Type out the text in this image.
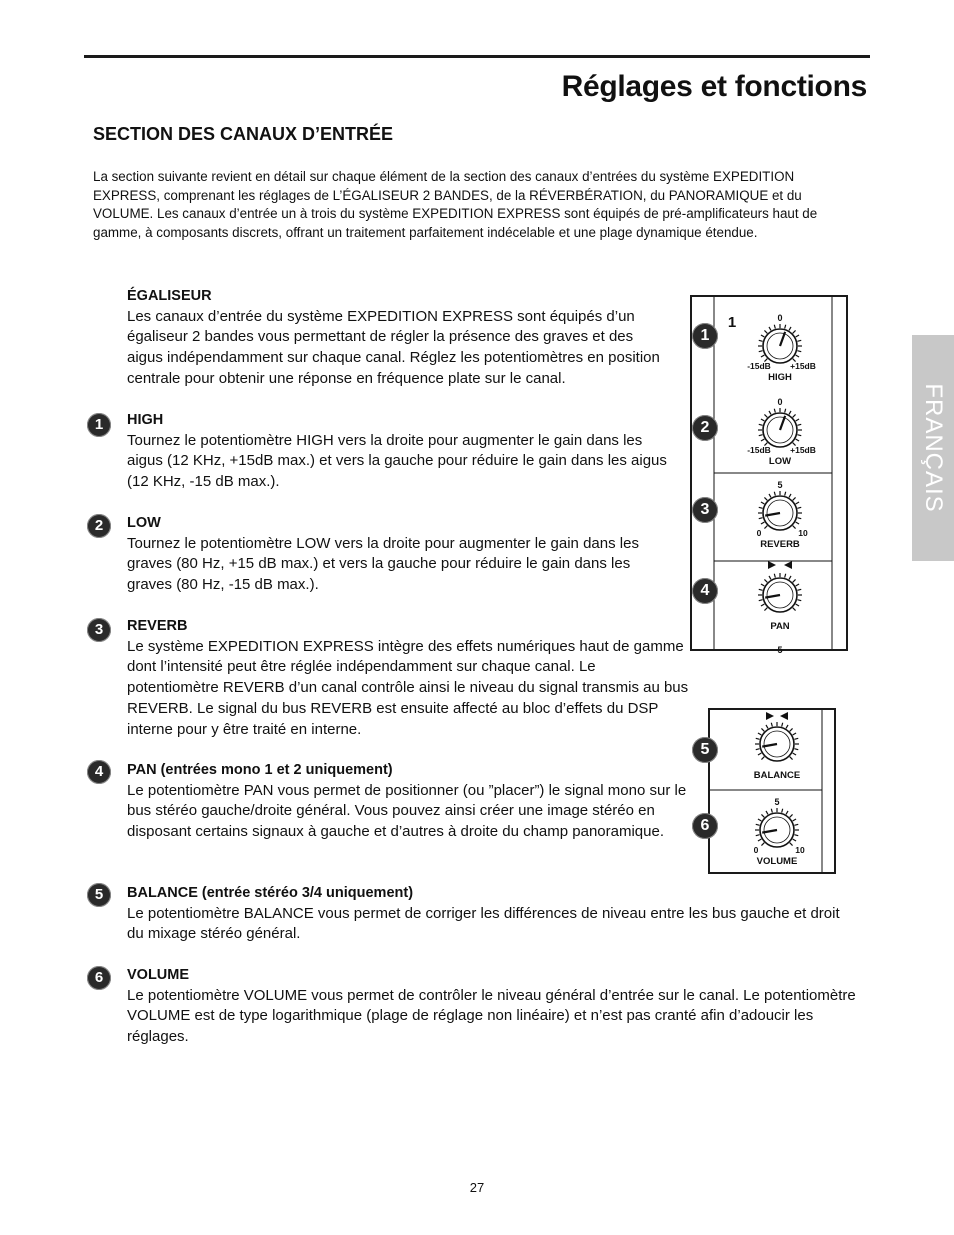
Réglages et fonctions
SECTION DES CANAUX D’ENTRÉE
La section suivante revient en détail sur chaque élément de la section des canaux d’entrées du système EXPEDITION EXPRESS, comprenant les réglages de L’ÉGALISEUR 2 BANDES, de la RÉVERBÉRATION, du PANORAMIQUE et du VOLUME. Les canaux d’entrée un à trois du système EXPEDITION EXPRESS sont équipés de pré-amplificateurs haut de gamme, à composants discrets, offrant un traitement parfaitement indécelable et une plage dynamique étendue.
FRANÇAIS
ÉGALISEUR
Les canaux d’entrée du système EXPEDITION EXPRESS sont équipés d’un égaliseur 2 bandes vous permettant de régler la présence des graves et des aigus indépendamment sur chaque canal. Réglez les potentiomètres en position centrale pour obtenir une réponse en fréquence plate sur le canal.
1	HIGH
Tournez le potentiomètre HIGH vers la droite pour augmenter le gain dans les aigus (12 KHz, +15dB max.) et vers la gauche pour réduire le gain dans les aigus (12 KHz, -15 dB max.).
2	LOW
Tournez le potentiomètre LOW vers la droite pour augmenter le gain dans les graves (80 Hz, +15 dB max.) et vers la gauche pour réduire le gain dans les graves (80 Hz, -15 dB max.).
3	REVERB
Le système EXPEDITION EXPRESS intègre des effets numériques haut de gamme dont l’intensité peut être réglée indépendamment sur chaque canal. Le potentiomètre REVERB d’un canal contrôle ainsi le niveau du signal transmis au bus REVERB. Le signal du bus REVERB est ensuite affecté au bloc d’effets du DSP interne pour y être traité en interne.
4	PAN (entrées mono 1 et 2 uniquement)
Le potentiomètre PAN vous permet de positionner (ou ”placer”) le signal mono sur le bus stéréo gauche/droite général. Vous pouvez ainsi créer une image stéréo en disposant certains signaux à gauche et d’autres à droite du champ panoramique.
5	BALANCE (entrée stéréo 3/4 uniquement)
Le potentiomètre BALANCE vous permet de corriger les différences de niveau entre les bus gauche et droit du mixage stéréo général.
6	VOLUME
Le potentiomètre VOLUME vous permet de contrôler le niveau général d’entrée sur le canal. Le potentiomètre VOLUME est de type logarithmique (plage de réglage non linéaire) et n’est pas cranté afin d’adoucir les réglages.
1	0
-15dB +15dB
HIGH
0
-15dB +15dB
LOW
5
0	10
REVERB
PAN
5
1
2
3
4
BALANCE
5
0	10
VOLUME
5
6
27
